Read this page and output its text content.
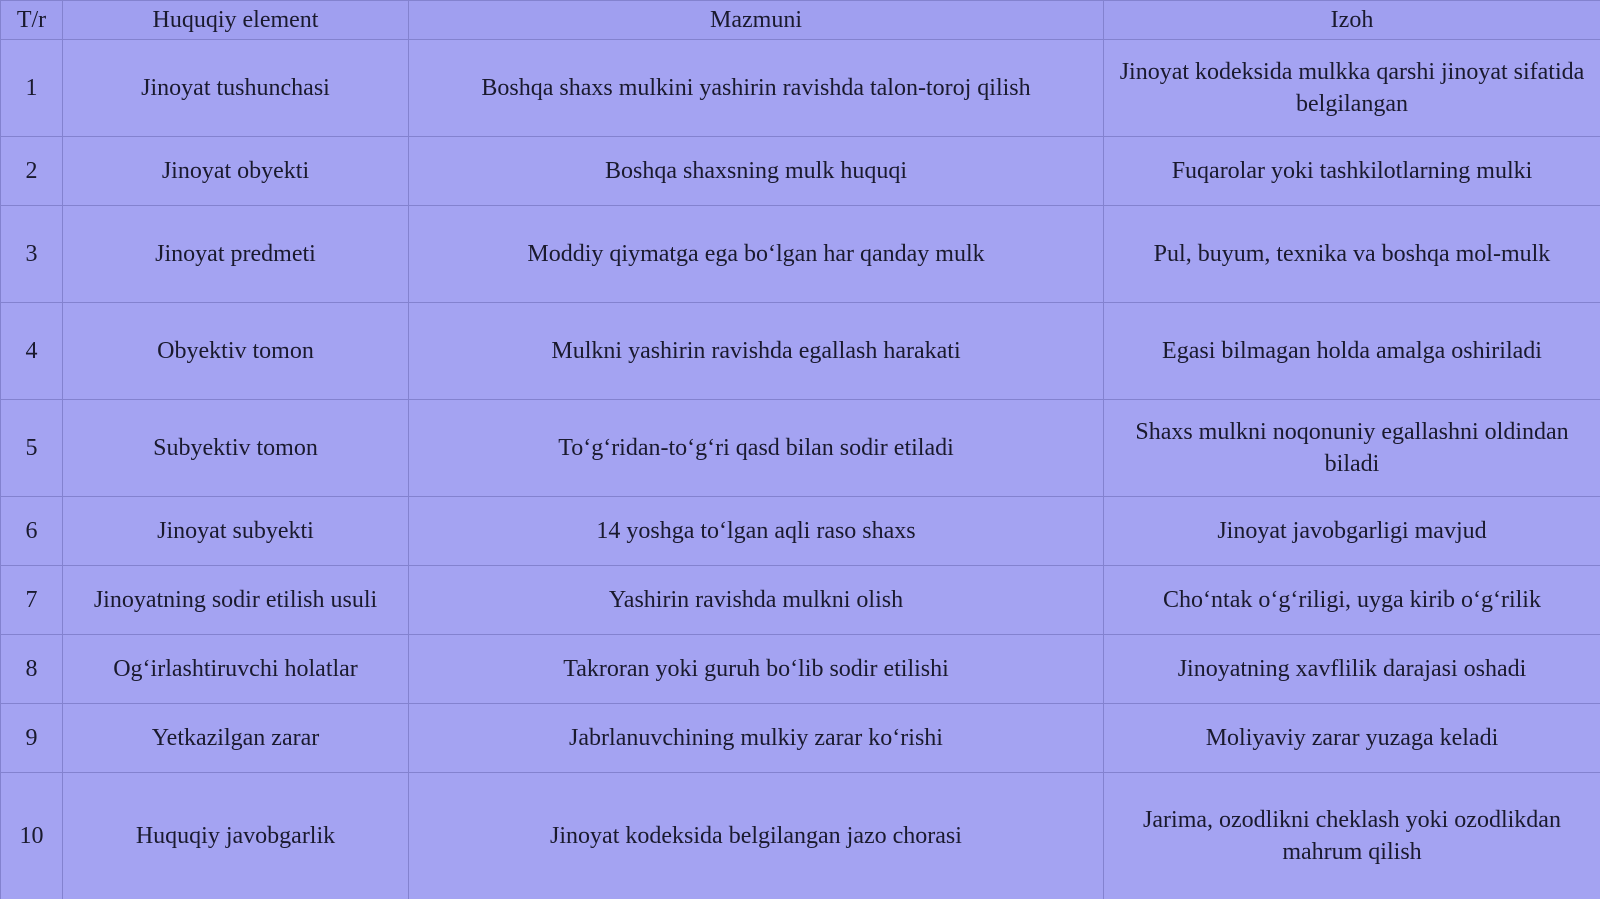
T/r	Huquqiy element	Mazmuni	Izoh
1	Jinoyat tushunchasi	Boshqa shaxs mulkini yashirin ravishda talon-toroj qilish	Jinoyat kodeksida mulkka qarshi jinoyat sifatida belgilangan
2	Jinoyat obyekti	Boshqa shaxsning mulk huquqi	Fuqarolar yoki tashkilotlarning mulki
3	Jinoyat predmeti	Moddiy qiymatga ega bo‘lgan har qanday mulk	Pul, buyum, texnika va boshqa mol-mulk
4	Obyektiv tomon	Mulkni yashirin ravishda egallash harakati	Egasi bilmagan holda amalga oshiriladi
5	Subyektiv tomon	To‘g‘ridan-to‘g‘ri qasd bilan sodir etiladi	Shaxs mulkni noqonuniy egallashni oldindan biladi
6	Jinoyat subyekti	14 yoshga to‘lgan aqli raso shaxs	Jinoyat javobgarligi mavjud
7	Jinoyatning sodir etilish usuli	Yashirin ravishda mulkni olish	Cho‘ntak o‘g‘riligi, uyga kirib o‘g‘rilik
8	Og‘irlashtiruvchi holatlar	Takroran yoki guruh bo‘lib sodir etilishi	Jinoyatning xavflilik darajasi oshadi
9	Yetkazilgan zarar	Jabrlanuvchining mulkiy zarar ko‘rishi	Moliyaviy zarar yuzaga keladi
10	Huquqiy javobgarlik	Jinoyat kodeksida belgilangan jazo chorasi	Jarima, ozodlikni cheklash yoki ozodlikdan mahrum qilish
